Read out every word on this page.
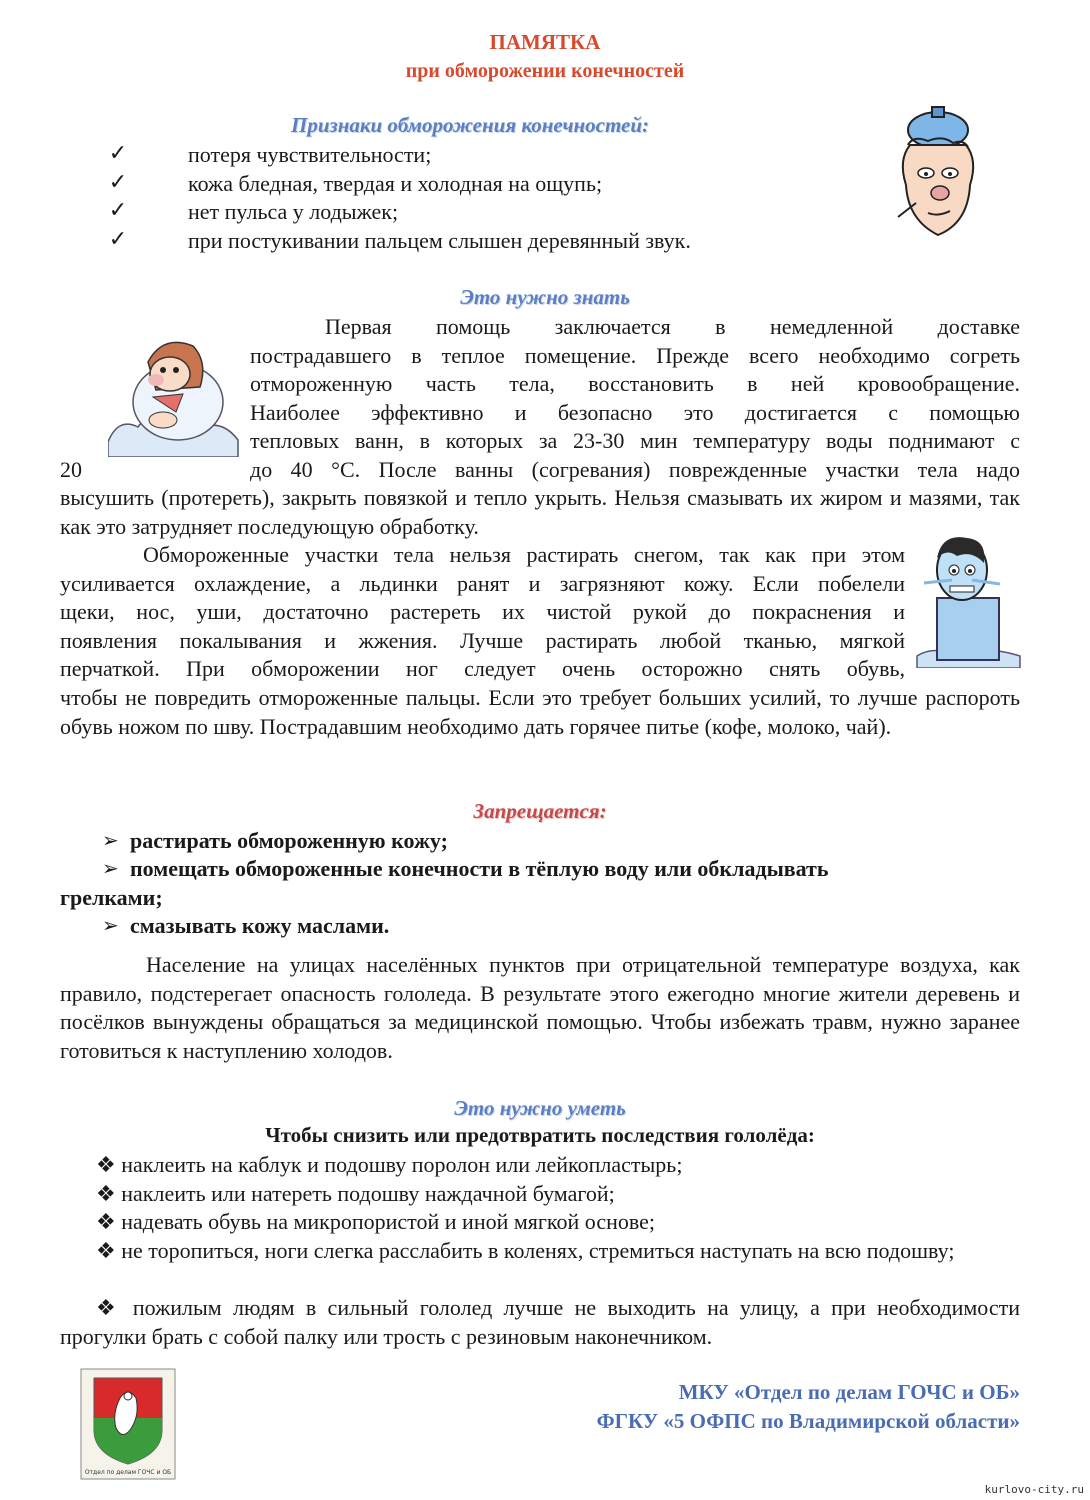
ПАМЯТКА
при обморожении конечностей
Признаки обморожения конечностей:
✓	потеря чувствительности;
✓	кожа бледная, твердая и холодная на ощупь;
✓	нет пульса у лодыжек;
✓	при постукивании пальцем слышен деревянный звук.
Это нужно знать
Первая помощь заключается в немедленной доставке
пострадавшего в теплое помещение. Прежде всего необходимо согреть
отмороженную часть тела, восстановить в ней кровообращение.
Наиболее эффективно и безопасно это достигается с помощью
тепловых ванн, в которых за 23-30 мин температуру воды поднимают с
20	до 40 °С. После ванны (согревания) поврежденные участки тела надо
высушить (протереть), закрыть повязкой и тепло укрыть. Нельзя смазывать их жиром и мазями, так как это затрудняет последующую обработку.
Обмороженные участки тела нельзя растирать снегом, так как при этом
усиливается охлаждение, а льдинки ранят и загрязняют кожу. Если побелели
щеки, нос, уши, достаточно растереть их чистой рукой до покраснения и
появления покалывания и жжения. Лучше растирать любой тканью, мягкой
перчаткой. При обморожении ног следует очень осторожно снять обувь,
чтобы не повредить отмороженные пальцы. Если это требует больших усилий, то лучше распороть обувь ножом по шву. Пострадавшим необходимо дать горячее питье (кофе, молоко, чай).
Запрещается:
➢ растирать обмороженную кожу;
➢ помещать обмороженные конечности в тёплую воду или обкладывать
грелками;
➢ смазывать кожу маслами.
Население на улицах населённых пунктов при отрицательной температуре воздуха, как правило, подстерегает опасность гололеда. В результате этого ежегодно многие жители деревень и посёлков вынуждены обращаться за медицинской помощью. Чтобы избежать травм, нужно заранее готовиться к наступлению холодов.
Это нужно уметь
Чтобы снизить или предотвратить последствия гололёда:
❖ наклеить на каблук и подошву поролон или лейкопластырь;
❖ наклеить или натереть подошву наждачной бумагой;
❖ надевать обувь на микропористой и иной мягкой основе;
❖ не торопиться, ноги слегка расслабить в коленях, стремиться наступать на всю подошву;
❖ пожилым людям в сильный гололед лучше не выходить на улицу, а при необходимости прогулки брать с собой палку или трость с резиновым наконечником.
Отдел по делам ГОЧС и ОБ
МКУ «Отдел по делам ГОЧС и ОБ»
ФГКУ «5 ОФПС по Владимирской области»
kurlovo-city.ru
